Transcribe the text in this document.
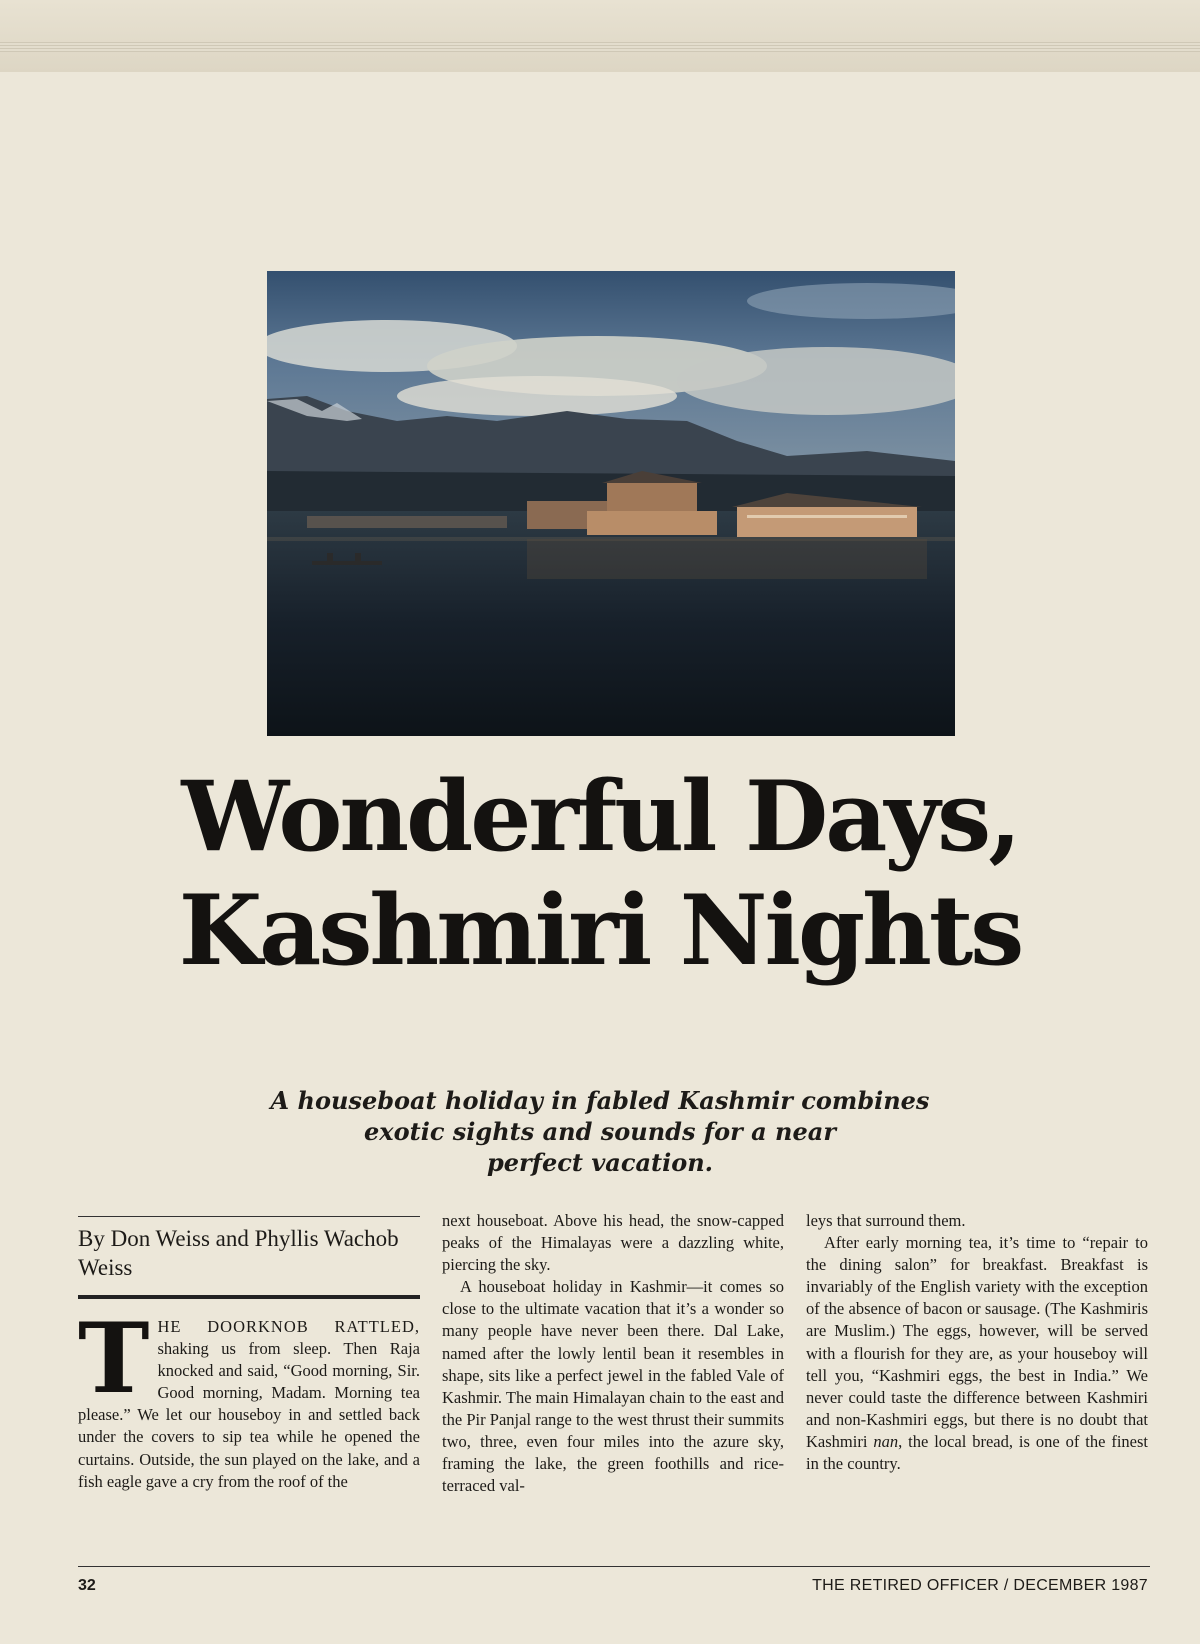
Wonderful Days,
Kashmiri Nights
A houseboat holiday in fabled Kashmir combines
exotic sights and sounds for a near
perfect vacation.
By Don Weiss and Phyllis Wachob Weiss

THE DOORKNOB RATTLED, shaking us from sleep. Then Raja knocked and said, “Good morning, Sir. Good morning, Madam. Morning tea please.” We let our houseboy in and settled back under the covers to sip tea while he opened the curtains. Outside, the sun played on the lake, and a fish eagle gave a cry from the roof of the

next houseboat. Above his head, the snow-capped peaks of the Himalayas were a dazzling white, piercing the sky.

A houseboat holiday in Kashmir—it comes so close to the ultimate vacation that it’s a wonder so many people have never been there. Dal Lake, named after the lowly lentil bean it resembles in shape, sits like a perfect jewel in the fabled Vale of Kashmir. The main Himalayan chain to the east and the Pir Panjal range to the west thrust their summits two, three, even four miles into the azure sky, framing the lake, the green foothills and rice-terraced val-

leys that surround them.

After early morning tea, it’s time to “repair to the dining salon” for breakfast. Breakfast is invariably of the English variety with the exception of the absence of bacon or sausage. (The Kashmiris are Muslim.) The eggs, however, will be served with a flourish for they are, as your houseboy will tell you, “Kashmiri eggs, the best in India.” We never could taste the difference between Kashmiri and non-Kashmiri eggs, but there is no doubt that Kashmiri nan, the local bread, is one of the finest in the country.

32	THE RETIRED OFFICER / DECEMBER 1987
